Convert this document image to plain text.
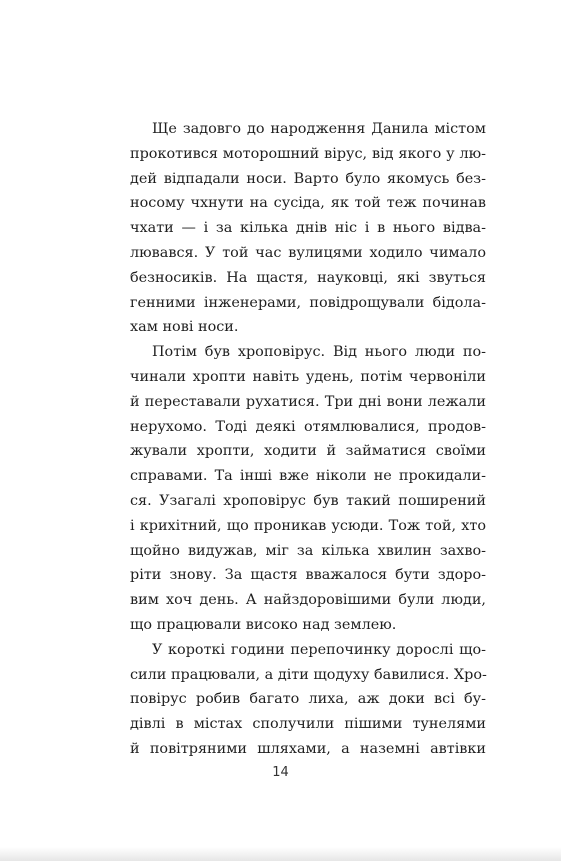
Ще задовго до народження Данила містом
прокотився моторошний вірус, від якого у лю-
дей відпадали носи. Варто було якомусь без-
носому чхнути на сусіда, як той теж починав
чхати — і за кілька днів ніс і в нього відва-
лювався. У той час вулицями ходило чимало
безносиків. На щастя, науковці, які звуться
генними інженерами, повідрощували бідола-
хам нові носи.
Потім був хроповірус. Від нього люди по-
чинали хропти навіть удень, потім червоніли
й переставали рухатися. Три дні вони лежали
нерухомо. Тоді деякі отямлювалися, продов-
жували хропти, ходити й займатися своїми
справами. Та інші вже ніколи не прокидали-
ся. Узагалі хроповірус був такий поширений
і крихітний, що проникав усюди. Тож той, хто
щойно видужав, міг за кілька хвилин захво-
ріти знову. За щастя вважалося бути здоро-
вим хоч день. А найздоровішими були люди,
що працювали високо над землею.
У короткі години перепочинку дорослі що-
сили працювали, а діти щодуху бавилися. Хро-
повірус робив багато лиха, аж доки всі бу-
дівлі в містах сполучили пішими тунелями
й повітряними шляхами, а наземні автівки
14
